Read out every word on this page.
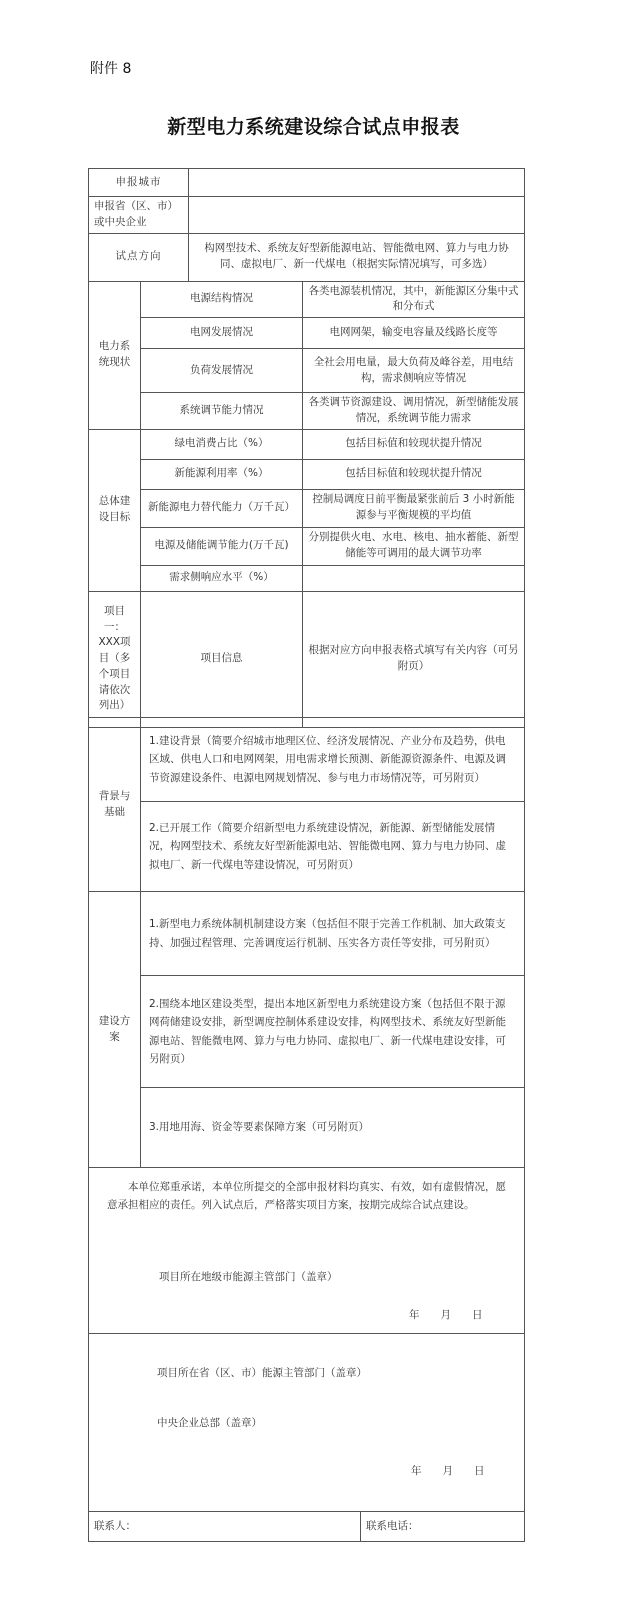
附件 8
新型电力系统建设综合试点申报表
申报城市			
申报省（区、市）或中央企业			
试点方向		构网型技术、系统友好型新能源电站、智能微电网、算力与电力协同、虚拟电厂、新一代煤电（根据实际情况填写，可多选）	
电力系统现状	电源结构情况		各类电源装机情况，其中，新能源区分集中式和分布式
	电网发展情况		电网网架，输变电容量及线路长度等
	负荷发展情况		全社会用电量，最大负荷及峰谷差，用电结构，需求侧响应等情况
	系统调节能力情况		各类调节资源建设、调用情况，新型储能发展情况，系统调节能力需求
总体建设目标	绿电消费占比（%）		包括目标值和较现状提升情况
	新能源利用率（%）		包括目标值和较现状提升情况
	新能源电力替代能力（万千瓦）		控制局调度日前平衡最紧张前后 3 小时新能源参与平衡规模的平均值
	电源及储能调节能力(万千瓦)		分别提供火电、水电、核电、抽水蓄能、新型储能等可调用的最大调节功率
	需求侧响应水平（%）		
项目一：XXX项目（多个项目请依次列出）	项目信息		根据对应方向申报表格式填写有关内容（可另附页）
背景与基础	1.建设背景（简要介绍城市地理区位、经济发展情况、产业分布及趋势，供电区域、供电人口和电网网架，用电需求增长预测、新能源资源条件、电源及调节资源建设条件、电源电网规划情况、参与电力市场情况等，可另附页）
	2.已开展工作（简要介绍新型电力系统建设情况，新能源、新型储能发展情况，构网型技术、系统友好型新能源电站、智能微电网、算力与电力协同、虚拟电厂、新一代煤电等建设情况，可另附页）
建设方案	1.新型电力系统体制机制建设方案（包括但不限于完善工作机制、加大政策支持、加强过程管理、完善调度运行机制、压实各方责任等安排，可另附页）
	2.围绕本地区建设类型，提出本地区新型电力系统建设方案（包括但不限于源网荷储建设安排，新型调度控制体系建设安排，构网型技术、系统友好型新能源电站、智能微电网、算力与电力协同、虚拟电厂、新一代煤电建设安排，可另附页）
	3.用地用海、资金等要素保障方案（可另附页）

本单位郑重承诺，本单位所提交的全部申报材料均真实、有效，如有虚假情况，愿意承担相应的责任。列入试点后，严格落实项目方案，按期完成综合试点建设。
项目所在地级市能源主管部门（盖章）
年　　月　　日	
项目所在省（区、市）能源主管部门（盖章）
中央企业总部（盖章）
年　　月　　日

联系人：	联系电话：
